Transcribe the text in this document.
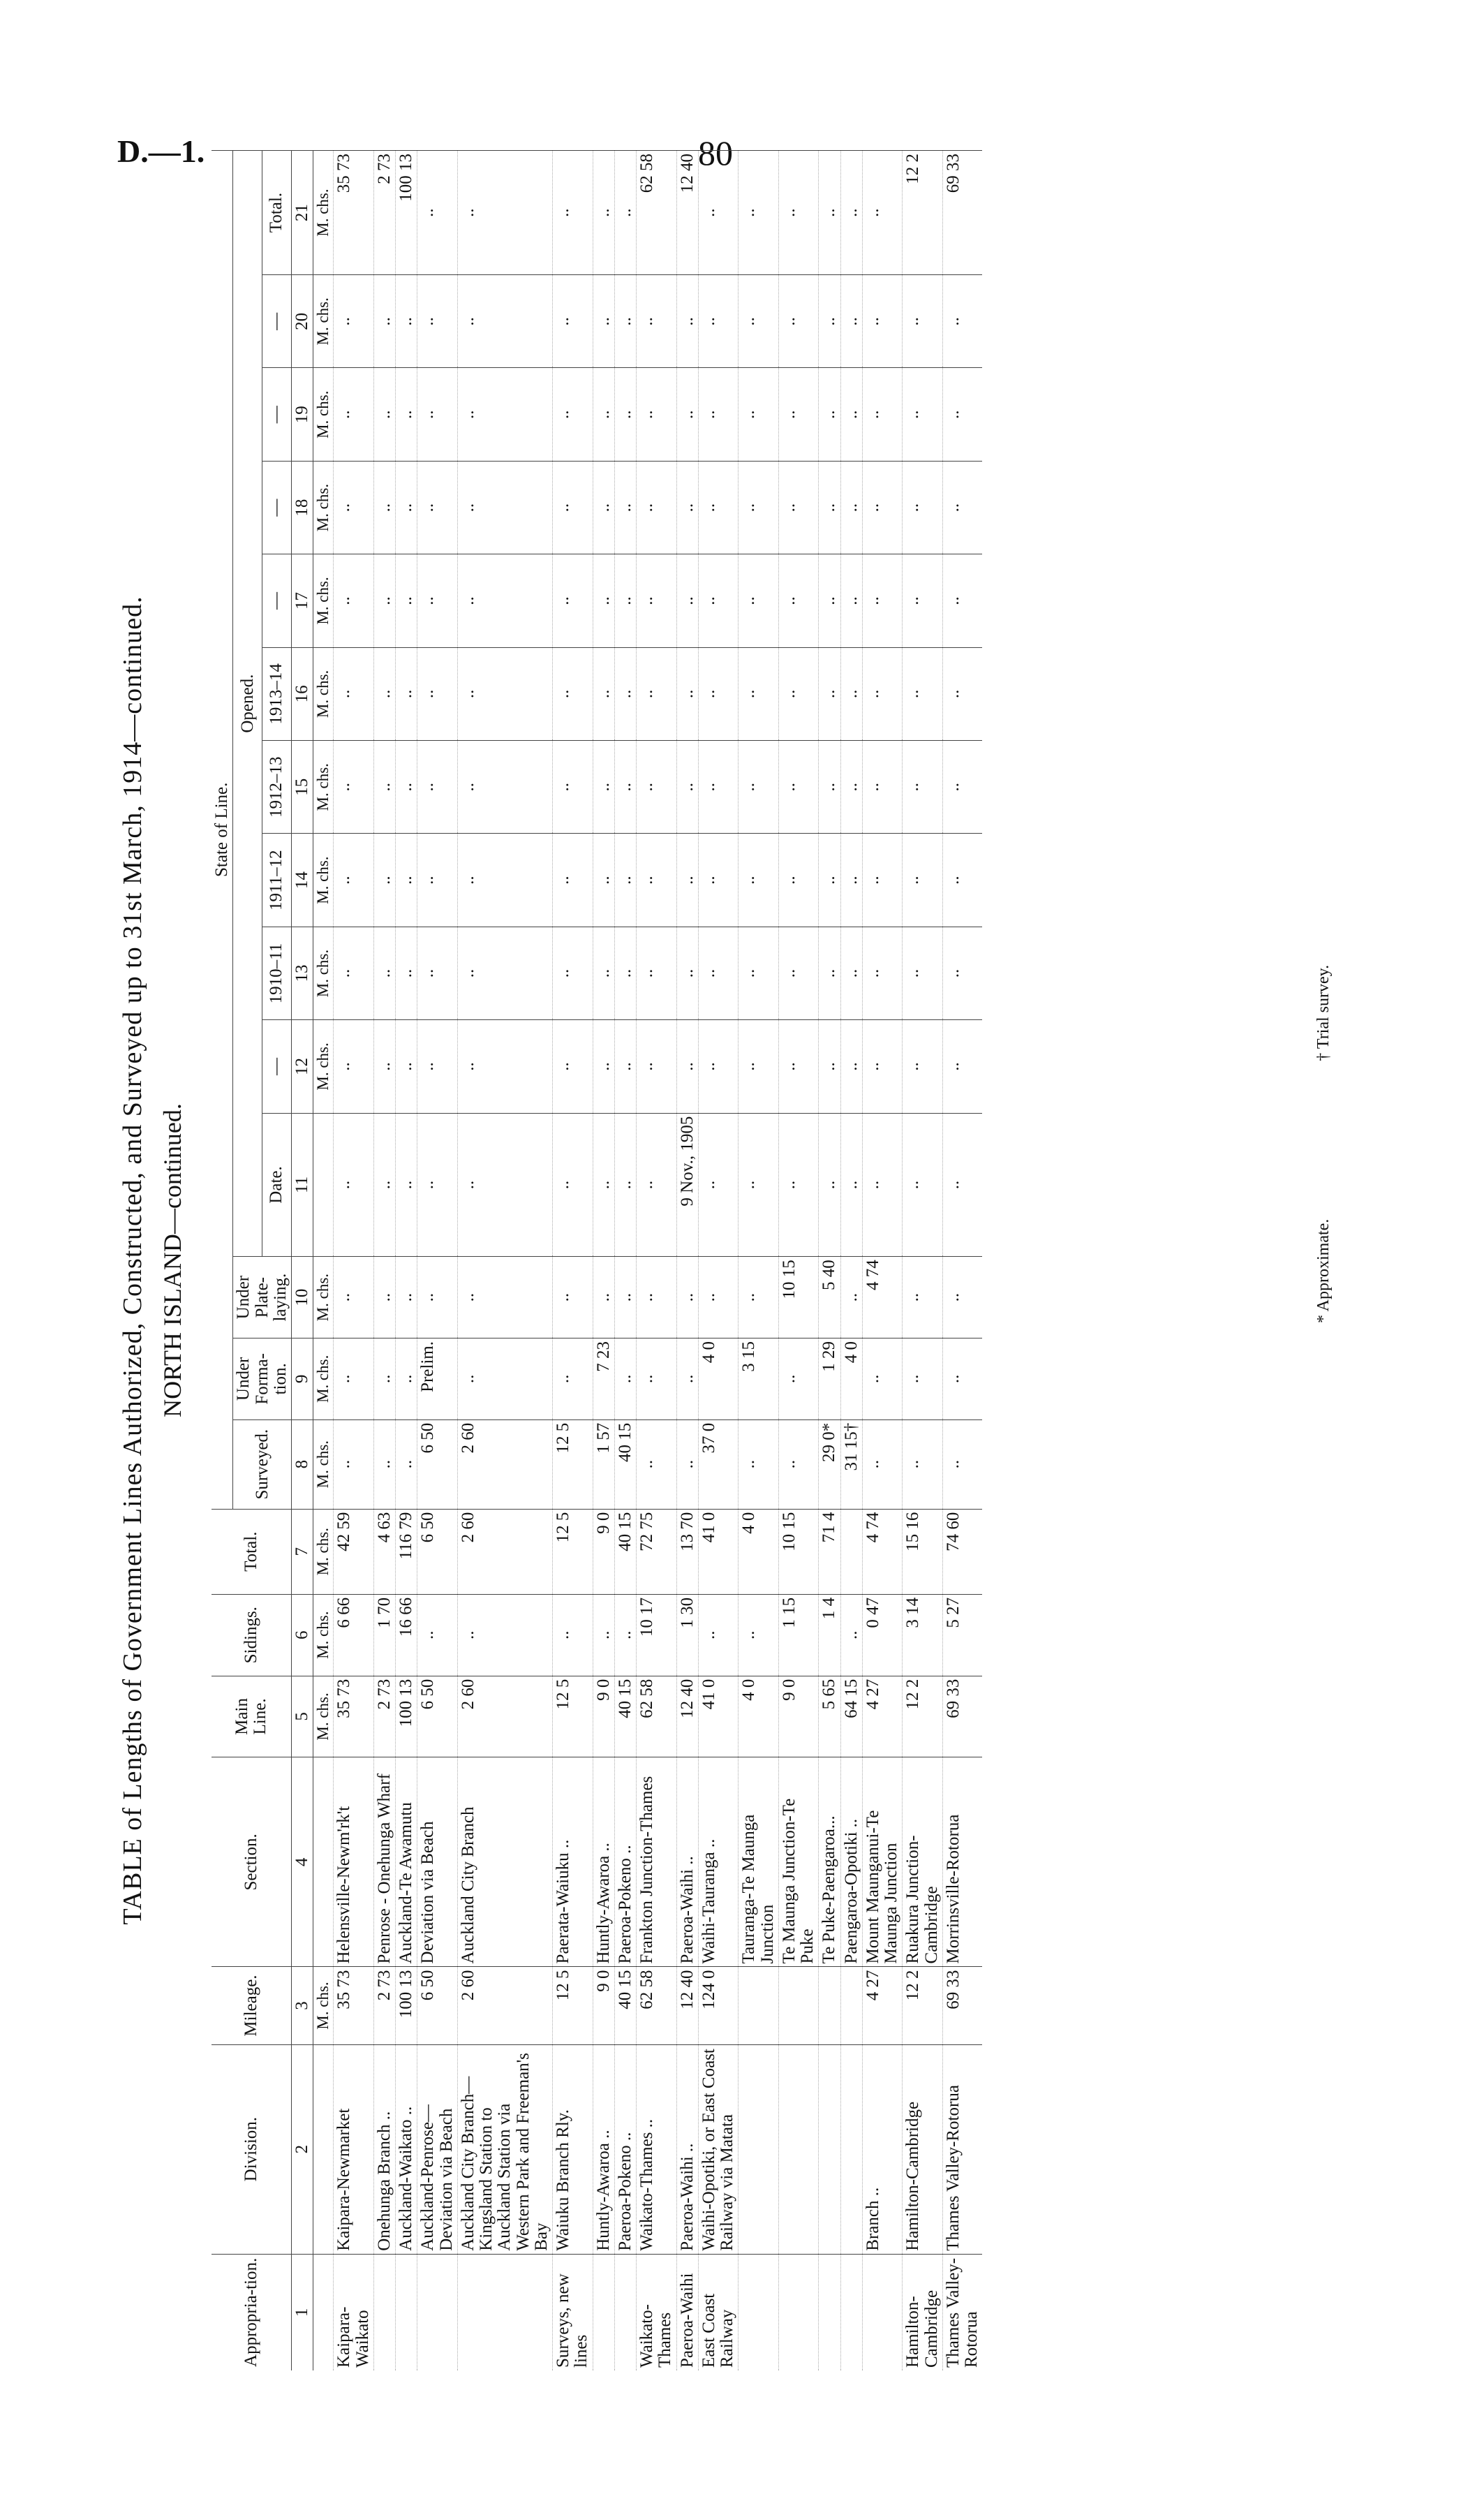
D.—1.	80
TABLE of Lengths of Government Lines Authorized, Constructed, and Surveyed up to 31st March, 1914—continued. NORTH ISLAND—continued.
Appropria-tion.	Division.	Mileage.	Section.	Main Line.	Sidings.	Total.	State of Line.													
							Surveyed.	Under Forma-tion.	Under Plate-laying.	Opened.										
										Date.	—	1910–11	1911–12	1912–13	1913–14	—	—	—	—	Total.
1	2	3	4	5	6	7	8	9	10	11	12	13	14	15	16	17	18	19	20	21
		M. chs.		M. chs.	M. chs.	M. chs.	M. chs.	M. chs.	M. chs.		M. chs.	M. chs.	M. chs.	M. chs.	M. chs.	M. chs.	M. chs.	M. chs.	M. chs.	M. chs.
Kaipara-Waikato	Kaipara-Newmarket	35 73	Helensville-Newm'rk't	35 73	6 66	42 59	..	..	..	..	..	..	..	..	..	..	..	..	..	35 73
	Onehunga Branch ..	2 73	Penrose - Onehunga Wharf	2 73	1 70	4 63	..	..	..	..	..	..	..	..	..	..	..	..	..	2 73
	Auckland-Waikato ..	100 13	Auckland-Te Awamutu	100 13	16 66	116 79	..	..	..	..	..	..	..	..	..	..	..	..	..	100 13
	Auckland-Penrose—Deviation via Beach	6 50	Deviation via Beach	6 50	..	6 50	6 50	Prelim.	..	..	..	..	..	..	..	..	..	..	..	..
	Auckland City Branch—Kingsland Station to Auckland Station via Western Park and Freeman's Bay	2 60	Auckland City Branch	2 60	..	2 60	2 60	..	..	..	..	..	..	..	..	..	..	..	..	..
Surveys, new lines	Waiuku Branch Rly.	12 5	Paerata-Waiuku ..	12 5	..	12 5	12 5	..	..	..	..	..	..	..	..	..	..	..	..	..
	Huntly-Awaroa ..	9 0	Huntly-Awaroa ..	9 0	..	9 0	1 57	7 23	..	..	..	..	..	..	..	..	..	..	..	..
	Paeroa-Pokeno ..	40 15	Paeroa-Pokeno ..	40 15	..	40 15	40 15	..	..	..	..	..	..	..	..	..	..	..	..	..
Waikato-Thames	Waikato-Thames ..	62 58	Frankton Junction-Thames	62 58	10 17	72 75	..	..	..	..	..	..	..	..	..	..	..	..	..	62 58
Paeroa-Waihi	Paeroa-Waihi ..	12 40	Paeroa-Waihi ..	12 40	1 30	13 70	..	..	..	9 Nov., 1905	..	..	..	..	..	..	..	..	..	12 40
East Coast Railway	Waihi-Opotiki, or East Coast Railway via Matata	124 0	Waihi-Tauranga ..	41 0	..	41 0	37 0	4 0	..	..	..	..	..	..	..	..	..	..	..	..
			Tauranga-Te Maunga Junction	4 0	..	4 0	..	3 15	..	..	..	..	..	..	..	..	..	..	..	..
			Te Maunga Junction-Te Puke	9 0	1 15	10 15	..	..	10 15	..	..	..	..	..	..	..	..	..	..	..
			Te Puke-Paengaroa...	5 65	1 4	71 4	29 0*	1 29	5 40	..	..	..	..	..	..	..	..	..	..	..
			Paengaroa-Opotiki ..	64 15	..		31 15†	4 0	..	..	..	..	..	..	..	..	..	..	..	..
	Branch ..	4 27	Mount Maunganui-Te Maunga Junction	4 27	0 47	4 74	..	..	4 74	..	..	..	..	..	..	..	..	..	..	..
Hamilton-Cambridge	Hamilton-Cambridge	12 2	Ruakura Junction-Cambridge	12 2	3 14	15 16	..	..	..	..	..	..	..	..	..	..	..	..	..	12 2
Thames Valley-Rotorua	Thames Valley-Rotorua	69 33	Morrinsville-Rotorua	69 33	5 27	74 60	..	..	..	..	..	..	..	..	..	..	..	..	..	69 33
* Approximate. † Trial survey.
